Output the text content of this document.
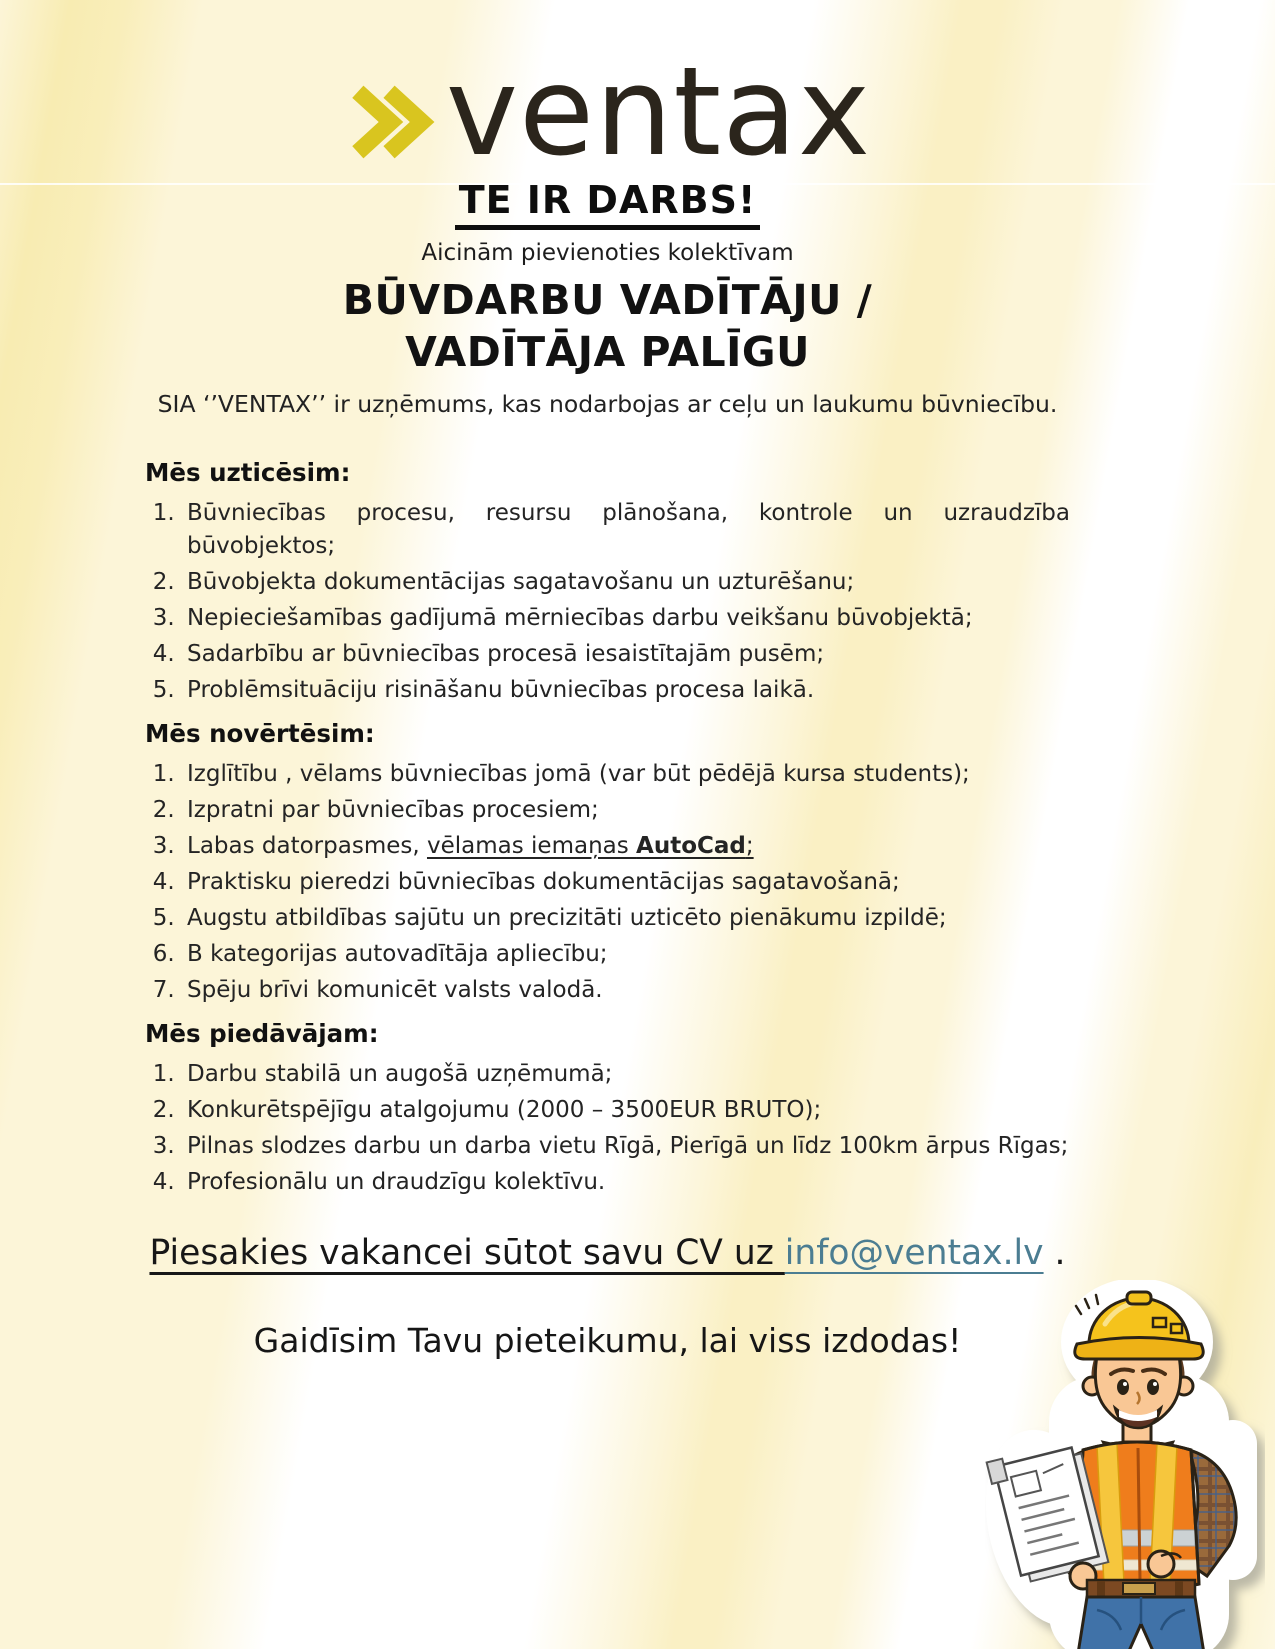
ventax
TE IR DARBS!
Aicinām pievienoties kolektīvam
BŪVDARBU VADĪTĀJU /
VADĪTĀJA PALĪGU
SIA ‘’VENTAX’’ ir uzņēmums, kas nodarbojas ar ceļu un laukumu būvniecību.
Mēs uzticēsim:
1. Būvniecības procesu, resursu plānošana, kontrole un uzraudzība būvobjektos;
2. Būvobjekta dokumentācijas sagatavošanu un uzturēšanu;
3. Nepieciešamības gadījumā mērniecības darbu veikšanu būvobjektā;
4. Sadarbību ar būvniecības procesā iesaistītajām pusēm;
5. Problēmsituāciju risināšanu būvniecības procesa laikā.
Mēs novērtēsim:
1. Izglītību , vēlams būvniecības jomā (var būt pēdējā kursa students);
2. Izpratni par būvniecības procesiem;
3. Labas datorpasmes, vēlamas iemaņas AutoCad;
4. Praktisku pieredzi būvniecības dokumentācijas sagatavošanā;
5. Augstu atbildības sajūtu un precizitāti uzticēto pienākumu izpildē;
6. B kategorijas autovadītāja apliecību;
7. Spēju brīvi komunicēt valsts valodā.
Mēs piedāvājam:
1. Darbu stabilā un augošā uzņēmumā;
2. Konkurētspējīgu atalgojumu (2000 – 3500EUR BRUTO);
3. Pilnas slodzes darbu un darba vietu Rīgā, Pierīgā un līdz 100km ārpus Rīgas;
4. Profesionālu un draudzīgu kolektīvu.
Piesakies vakancei sūtot savu CV uz info@ventax.lv .
Gaidīsim Tavu pieteikumu, lai viss izdodas!
